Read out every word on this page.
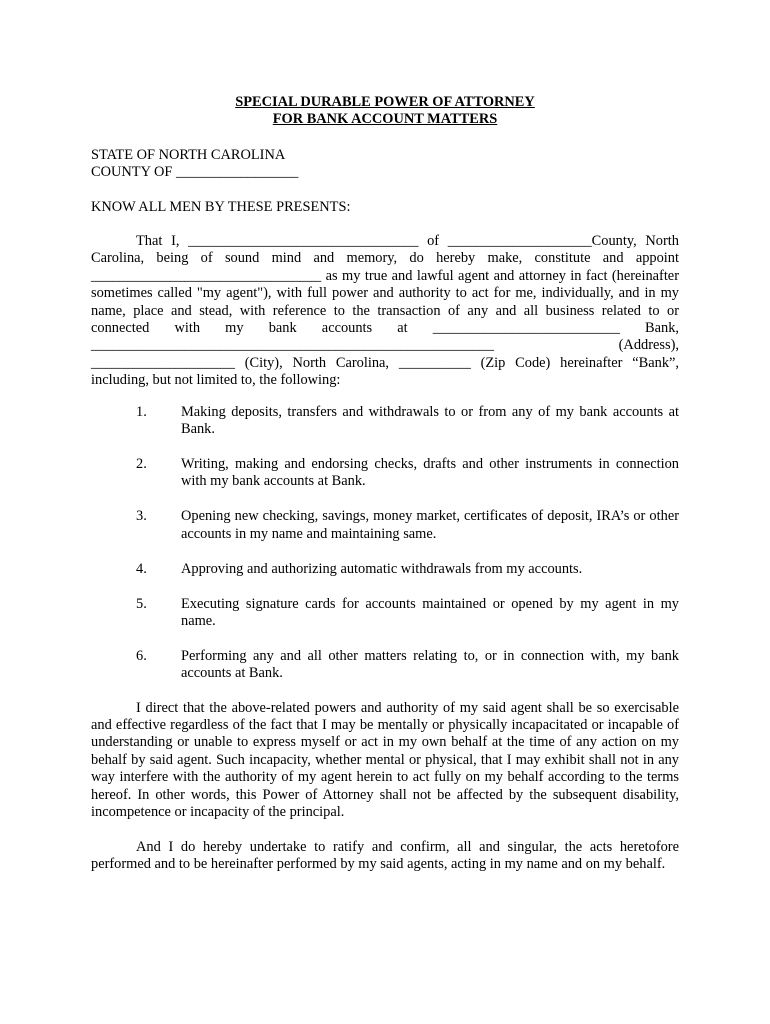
SPECIAL DURABLE POWER OF ATTORNEY

FOR BANK ACCOUNT MATTERS

STATE OF NORTH CAROLINA

COUNTY OF _________________

KNOW ALL MEN BY THESE PRESENTS:

That I, ________________________________ of ____________________County, North Carolina, being of sound mind and memory, do hereby make, constitute and appoint ________________________________ as my true and lawful agent and attorney in fact (hereinafter sometimes called "my agent"), with full power and authority to act for me, individually, and in my name, place and stead, with reference to the transaction of any and all business related to or connected with my bank accounts at __________________________ Bank, ________________________________________________________ (Address), ____________________ (City), North Carolina, __________ (Zip Code) hereinafter “Bank”, including, but not limited to, the following:

1.	Making deposits, transfers and withdrawals to or from any of my bank accounts at Bank.
2.	Writing, making and endorsing checks, drafts and other instruments in connection with my bank accounts at Bank.
3.	Opening new checking, savings, money market, certificates of deposit, IRA’s or other accounts in my name and maintaining same.
4.	Approving and authorizing automatic withdrawals from my accounts.
5.	Executing signature cards for accounts maintained or opened by my agent in my name.
6.	Performing any and all other matters relating to, or in connection with, my bank accounts at Bank.

I direct that the above-related powers and authority of my said agent shall be so exercisable and effective regardless of the fact that I may be mentally or physically incapacitated or incapable of understanding or unable to express myself or act in my own behalf at the time of any action on my behalf by said agent. Such incapacity, whether mental or physical, that I may exhibit shall not in any way interfere with the authority of my agent herein to act fully on my behalf according to the terms hereof. In other words, this Power of Attorney shall not be affected by the subsequent disability, incompetence or incapacity of the principal.

And I do hereby undertake to ratify and confirm, all and singular, the acts heretofore performed and to be hereinafter performed by my said agents, acting in my name and on my behalf.
